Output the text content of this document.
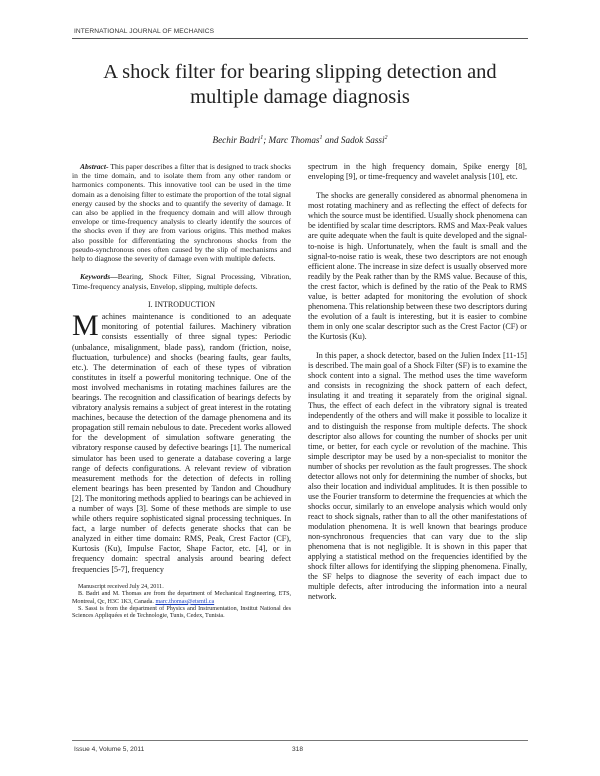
INTERNATIONAL JOURNAL OF MECHANICS
A shock filter for bearing slipping detection and multiple damage diagnosis
Bechir Badri$^1$; Marc Thomas$^1$ and Sadok Sassi$^2$

Abstract- This paper describes a filter that is designed to track shocks in the time domain, and to isolate them from any other random or harmonics components. This innovative tool can be used in the time domain as a denoising filter to estimate the proportion of the total signal energy caused by the shocks and to quantify the severity of damage. It can also be applied in the frequency domain and will allow through envelope or time-frequency analysis to clearly identify the sources of the shocks even if they are from various origins. This method makes also possible for differentiating the synchronous shocks from the pseudo-synchronous ones often caused by the slip of mechanisms and help to diagnose the severity of damage even with multiple defects.

Keywords—Bearing, Shock Filter, Signal Processing, Vibration, Time-frequency analysis, Envelop, slipping, multiple defects.

I. INTRODUCTION

Machines maintenance is conditioned to an adequate monitoring of potential failures. Machinery vibration consists essentially of three signal types: Periodic (unbalance, misalignment, blade pass), random (friction, noise, fluctuation, turbulence) and shocks (bearing faults, gear faults, etc.). The determination of each of these types of vibration constitutes in itself a powerful monitoring technique. One of the most involved mechanisms in rotating machines failures are the bearings. The recognition and classification of bearings defects by vibratory analysis remains a subject of great interest in the rotating machines, because the detection of the damage phenomena and its propagation still remain nebulous to date. Precedent works allowed for the development of simulation software generating the vibratory response caused by defective bearings [1]. The numerical simulator has been used to generate a database covering a large range of defects configurations. A relevant review of vibration measurement methods for the detection of defects in rolling element bearings has been presented by Tandon and Choudhury [2]. The monitoring methods applied to bearings can be achieved in a number of ways [3]. Some of these methods are simple to use while others require sophisticated signal processing techniques. In fact, a large number of defects generate shocks that can be analyzed in either time domain: RMS, Peak, Crest Factor (CF), Kurtosis (Ku), Impulse Factor, Shape Factor, etc. [4], or in frequency domain: spectral analysis around bearing defect frequencies [5-7], frequency

Manuscript received July 24, 2011.

B. Badri and M. Thomas are from the department of Mechanical Engineering, ETS, Montreal, Qc, H3C 1K3, Canada. marc.thomas@etsmtl.ca

S. Sassi is from the department of Physics and Instrumentation, Institut National des Sciences Appliquées et de Technologie, Tunis, Cedex, Tunisia.

spectrum in the high frequency domain, Spike energy [8], enveloping [9], or time-frequency and wavelet analysis [10], etc.

The shocks are generally considered as abnormal phenomena in most rotating machinery and as reflecting the effect of defects for which the source must be identified. Usually shock phenomena can be identified by scalar time descriptors. RMS and Max-Peak values are quite adequate when the fault is quite developed and the signal-to-noise is high. Unfortunately, when the fault is small and the signal-to-noise ratio is weak, these two descriptors are not enough efficient alone. The increase in size defect is usually observed more readily by the Peak rather than by the RMS value. Because of this, the crest factor, which is defined by the ratio of the Peak to RMS value, is better adapted for monitoring the evolution of shock phenomena. This relationship between these two descriptors during the evolution of a fault is interesting, but it is easier to combine them in only one scalar descriptor such as the Crest Factor (CF) or the Kurtosis (Ku).

In this paper, a shock detector, based on the Julien Index [11-15] is described. The main goal of a Shock Filter (SF) is to examine the shock content into a signal. The method uses the time waveform and consists in recognizing the shock pattern of each defect, insulating it and treating it separately from the original signal. Thus, the effect of each defect in the vibratory signal is treated independently of the others and will make it possible to localize it and to distinguish the response from multiple defects. The shock descriptor also allows for counting the number of shocks per unit time, or better, for each cycle or revolution of the machine. This simple descriptor may be used by a non-specialist to monitor the number of shocks per revolution as the fault progresses. The shock detector allows not only for determining the number of shocks, but also their location and individual amplitudes. It is then possible to use the Fourier transform to determine the frequencies at which the shocks occur, similarly to an envelope analysis which would only react to shock signals, rather than to all the other manifestations of modulation phenomena. It is well known that bearings produce non-synchronous frequencies that can vary due to the slip phenomena that is not negligible. It is shown in this paper that applying a statistical method on the frequencies identified by the shock filter allows for identifying the slipping phenomena. Finally, the SF helps to diagnose the severity of each impact due to multiple defects, after introducing the information into a neural network.

Issue 4, Volume 5, 2011	318
